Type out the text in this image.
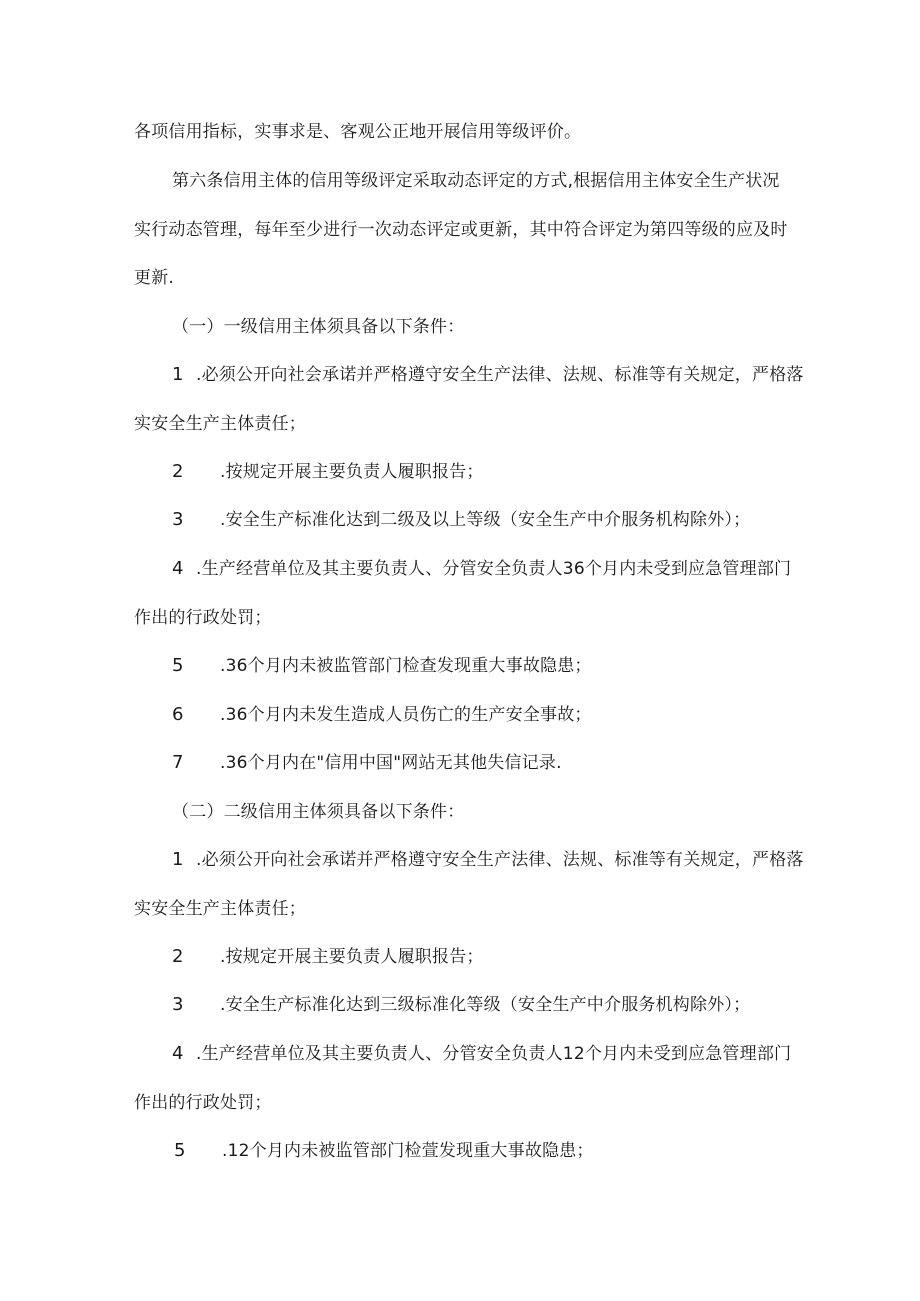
各项信用指标，实事求是、客观公正地开展信用等级评价。
第六条信用主体的信用等级评定采取动态评定的方式,根据信用主体安全生产状况
实行动态管理，每年至少进行一次动态评定或更新，其中符合评定为第四等级的应及时
更新.
（一）一级信用主体须具备以下条件：
1 .必须公开向社会承诺并严格遵守安全生产法律、法规、标准等有关规定，严格落
实安全生产主体责任；
2 .按规定开展主要负责人履职报告；
3 .安全生产标准化达到二级及以上等级（安全生产中介服务机构除外）；
4 .生产经营单位及其主要负责人、分管安全负责人36个月内未受到应急管理部门
作出的行政处罚；
5 .36个月内未被监管部门检查发现重大事故隐患；
6 .36个月内未发生造成人员伤亡的生产安全事故；
7 .36个月内在"信用中国"网站无其他失信记录.
（二）二级信用主体须具备以下条件：
1 .必须公开向社会承诺并严格遵守安全生产法律、法规、标准等有关规定，严格落
实安全生产主体责任；
2 .按规定开展主要负责人履职报告；
3 .安全生产标准化达到三级标准化等级（安全生产中介服务机构除外）；
4 .生产经营单位及其主要负责人、分管安全负责人12个月内未受到应急管理部门
作出的行政处罚；
5 .12个月内未被监管部门检萱发现重大事故隐患；
